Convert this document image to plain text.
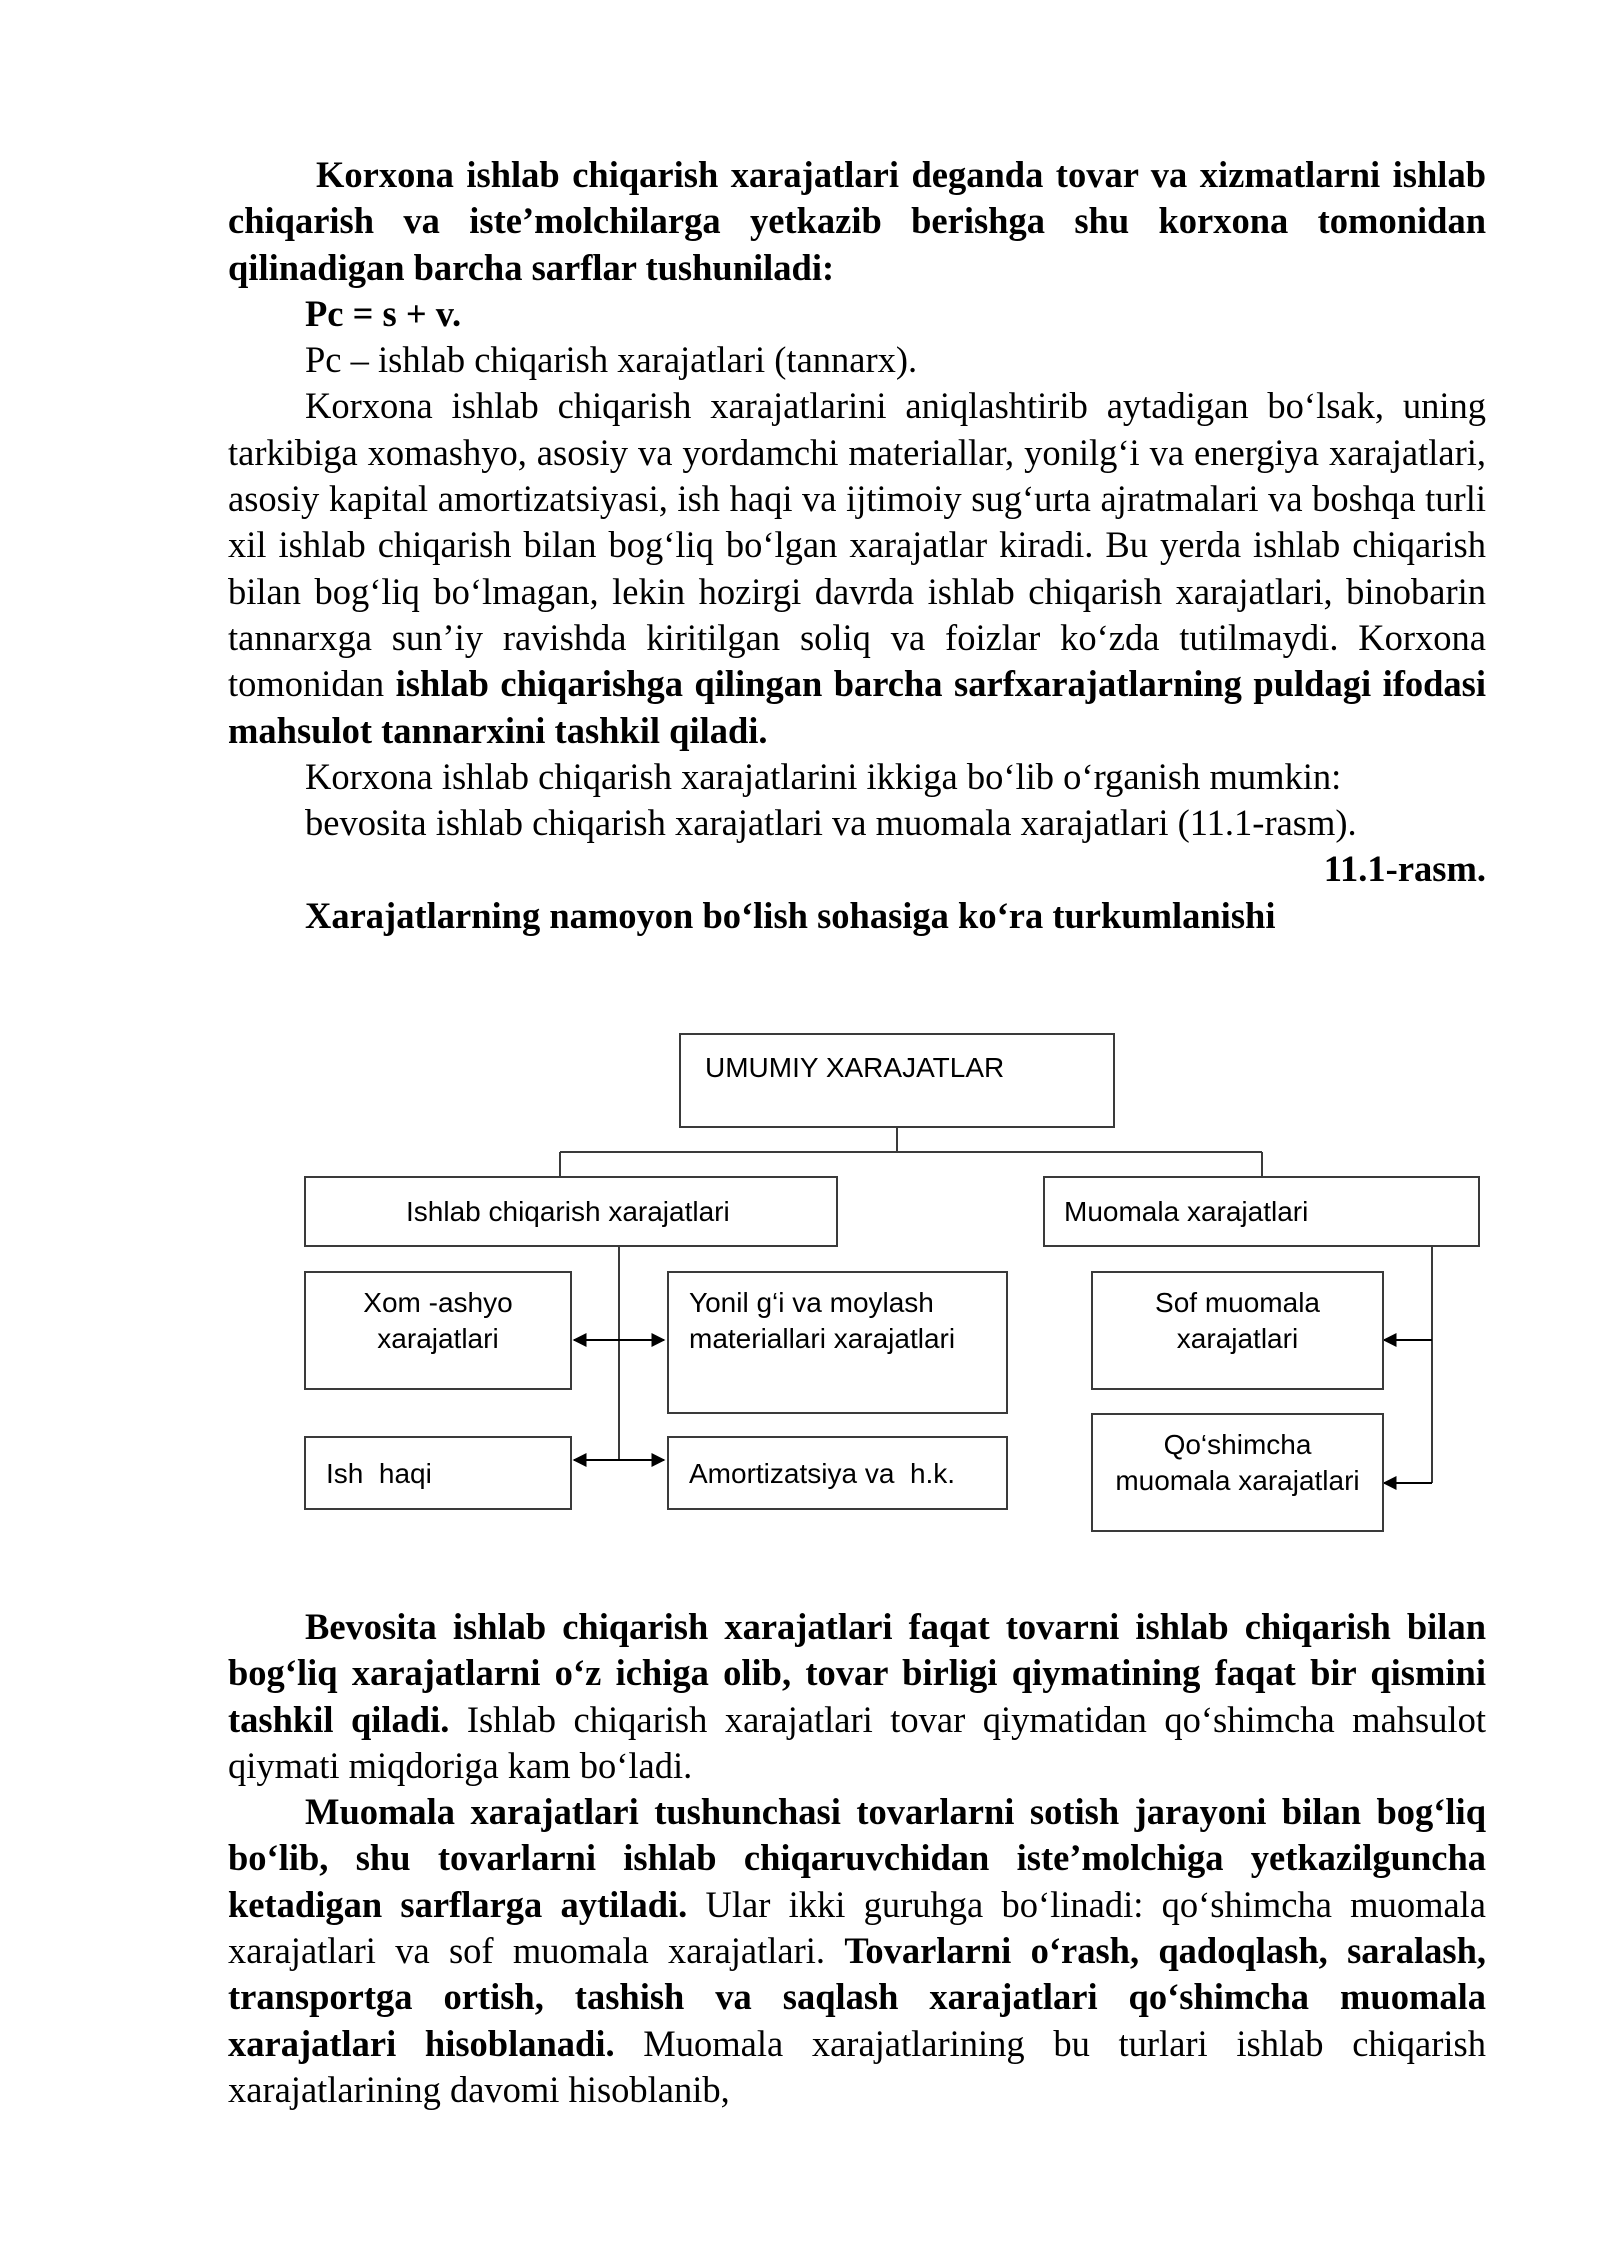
Korxona ishlab chiqarish xarajatlari deganda tovar va xizmatlarni ishlab chiqarish va iste’molchilarga yetkazib berishga shu korxona tomonidan qilinadigan barcha sarflar tushuniladi:

Pc = s + v.

Pc – ishlab chiqarish xarajatlari (tannarx).

Korxona ishlab chiqarish xarajatlarini aniqlashtirib aytadigan bo‘lsak, uning tarkibiga xomashyo, asosiy va yordamchi materiallar, yonilg‘i va energiya xarajatlari, asosiy kapital amortizatsiyasi, ish haqi va ijtimoiy sug‘urta ajratmalari va boshqa turli xil ishlab chiqarish bilan bog‘liq bo‘lgan xarajatlar kiradi. Bu yerda ishlab chiqarish bilan bog‘liq bo‘lmagan, lekin hozirgi davrda ishlab chiqarish xarajatlari, binobarin tannarxga sun’iy ravishda kiritilgan soliq va foizlar ko‘zda tutilmaydi. Korxona tomonidan ishlab chiqarishga qilingan barcha sarfxarajatlarning puldagi ifodasi mahsulot tannarxini tashkil qiladi.

Korxona ishlab chiqarish xarajatlarini ikkiga bo‘lib o‘rganish mumkin:

bevosita ishlab chiqarish xarajatlari va muomala xarajatlari (11.1-rasm).

11.1-rasm.

Xarajatlarning namoyon bo‘lish sohasiga ko‘ra turkumlanishi

UMUMIY XARAJATLAR
Ishlab chiqarish xarajatlari	Muomala xarajatlari
Xom -ashyo
xarajatlari
Yonil g‘i va moylash
materiallari xarajatlari
Ish  haqi	Amortizatsiya va  h.k.
Sof muomala
xarajatlari
Qo‘shimcha
muomala xarajatlari

Bevosita ishlab chiqarish xarajatlari faqat tovarni ishlab chiqarish bilan bog‘liq xarajatlarni o‘z ichiga olib, tovar birligi qiymatining faqat bir qismini tashkil qiladi. Ishlab chiqarish xarajatlari tovar qiymatidan qo‘shimcha mahsulot qiymati miqdoriga kam bo‘ladi.

Muomala xarajatlari tushunchasi tovarlarni sotish jarayoni bilan bog‘liq bo‘lib, shu tovarlarni ishlab chiqaruvchidan iste’molchiga yetkazilguncha ketadigan sarflarga aytiladi. Ular ikki guruhga bo‘linadi: qo‘shimcha muomala xarajatlari va sof muomala xarajatlari. Tovarlarni o‘rash, qadoqlash, saralash, transportga ortish, tashish va saqlash xarajatlari qo‘shimcha muomala xarajatlari hisoblanadi. Muomala xarajatlarining bu turlari ishlab chiqarish xarajatlarining davomi hisoblanib,
